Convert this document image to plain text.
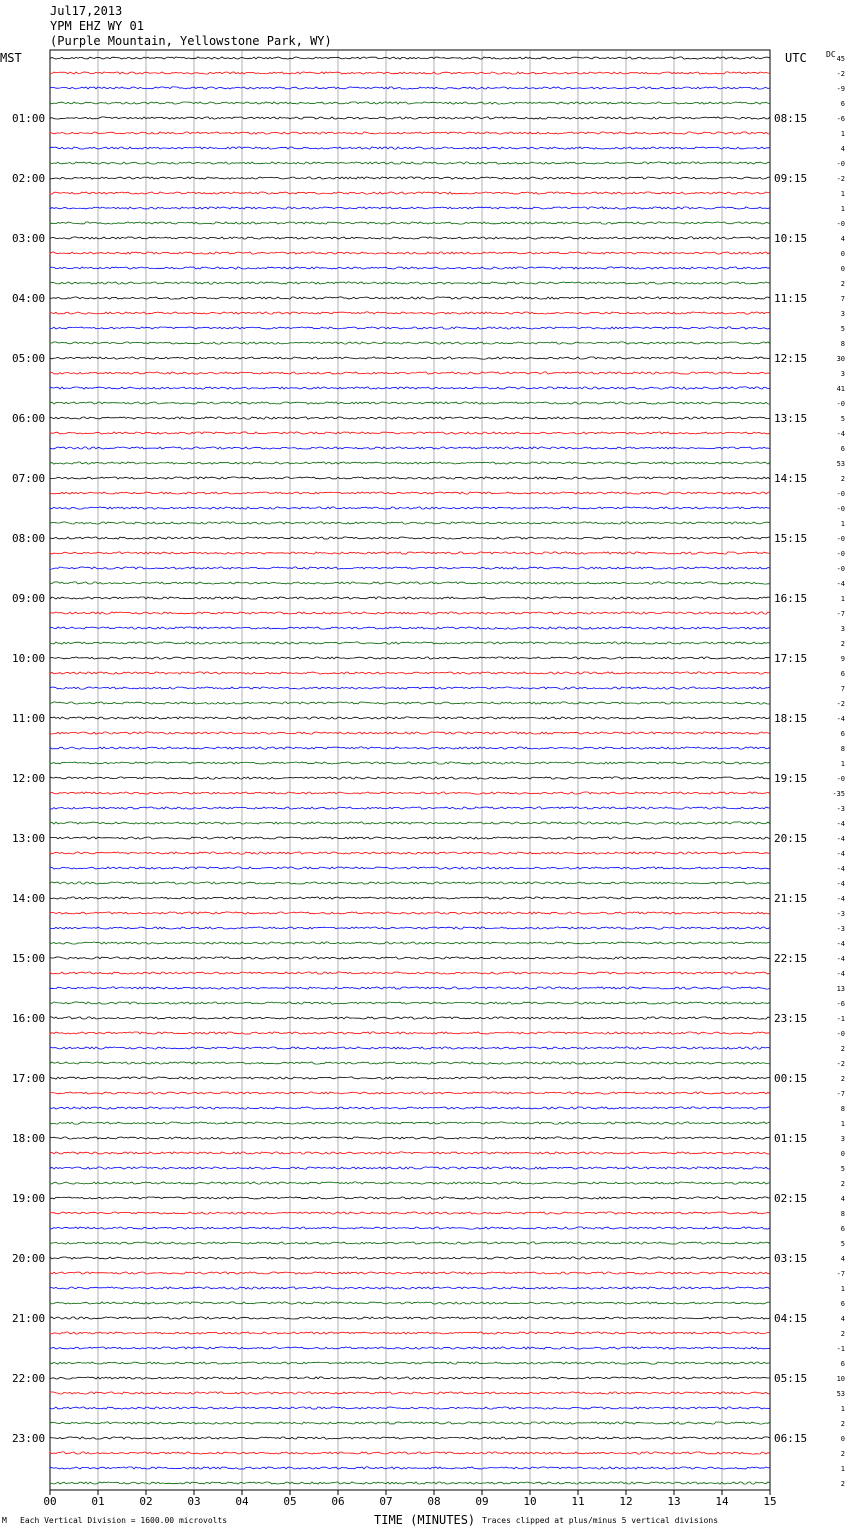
Jul17,2013
YPM EHZ WY 01
(Purple Mountain, Yellowstone Park, WY)
MST	UTC DC
01:00
02:00
03:00
04:00
05:00
06:00
07:00
08:00
09:00
10:00
11:00
12:00
13:00
14:00
15:00
16:00
17:00
18:00
19:00
20:00
21:00
22:00
23:00
08:15
09:15
10:15
11:15
12:15
13:15
14:15
15:15
16:15
17:15
18:15
19:15
20:15
21:15
22:15
23:15
00:15
01:15
02:15
03:15
04:15
05:15
06:15
45
-2
-9
6
-6
1
4
-0
-2
1
1
-0
4
0
0
2
7
3
5
8
30
3
41
-0
5
-4
6
53
2
-0
-0
1
-0
-0
-0
-4
1
-7
3
2
9
6
7
-2
-4
6
8
1
-0
-35
-3
-4
-4
-4
-4
-4
-4
-3
-3
-4
-4
-4
13
-6
-1
-0
2
-2
2
-7
8
1
3
0
5
2
4
8
6
5
4
-7
1
6
4
2
-1
6
10
53
1
2
0
2
1
2
00	01	02	03	04	05	06	07	08	09	10	11	12	13	14	15
M Each Vertical Division = 1600.00 microvolts	TIME (MINUTES) Traces clipped at plus/minus 5 vertical divisions
